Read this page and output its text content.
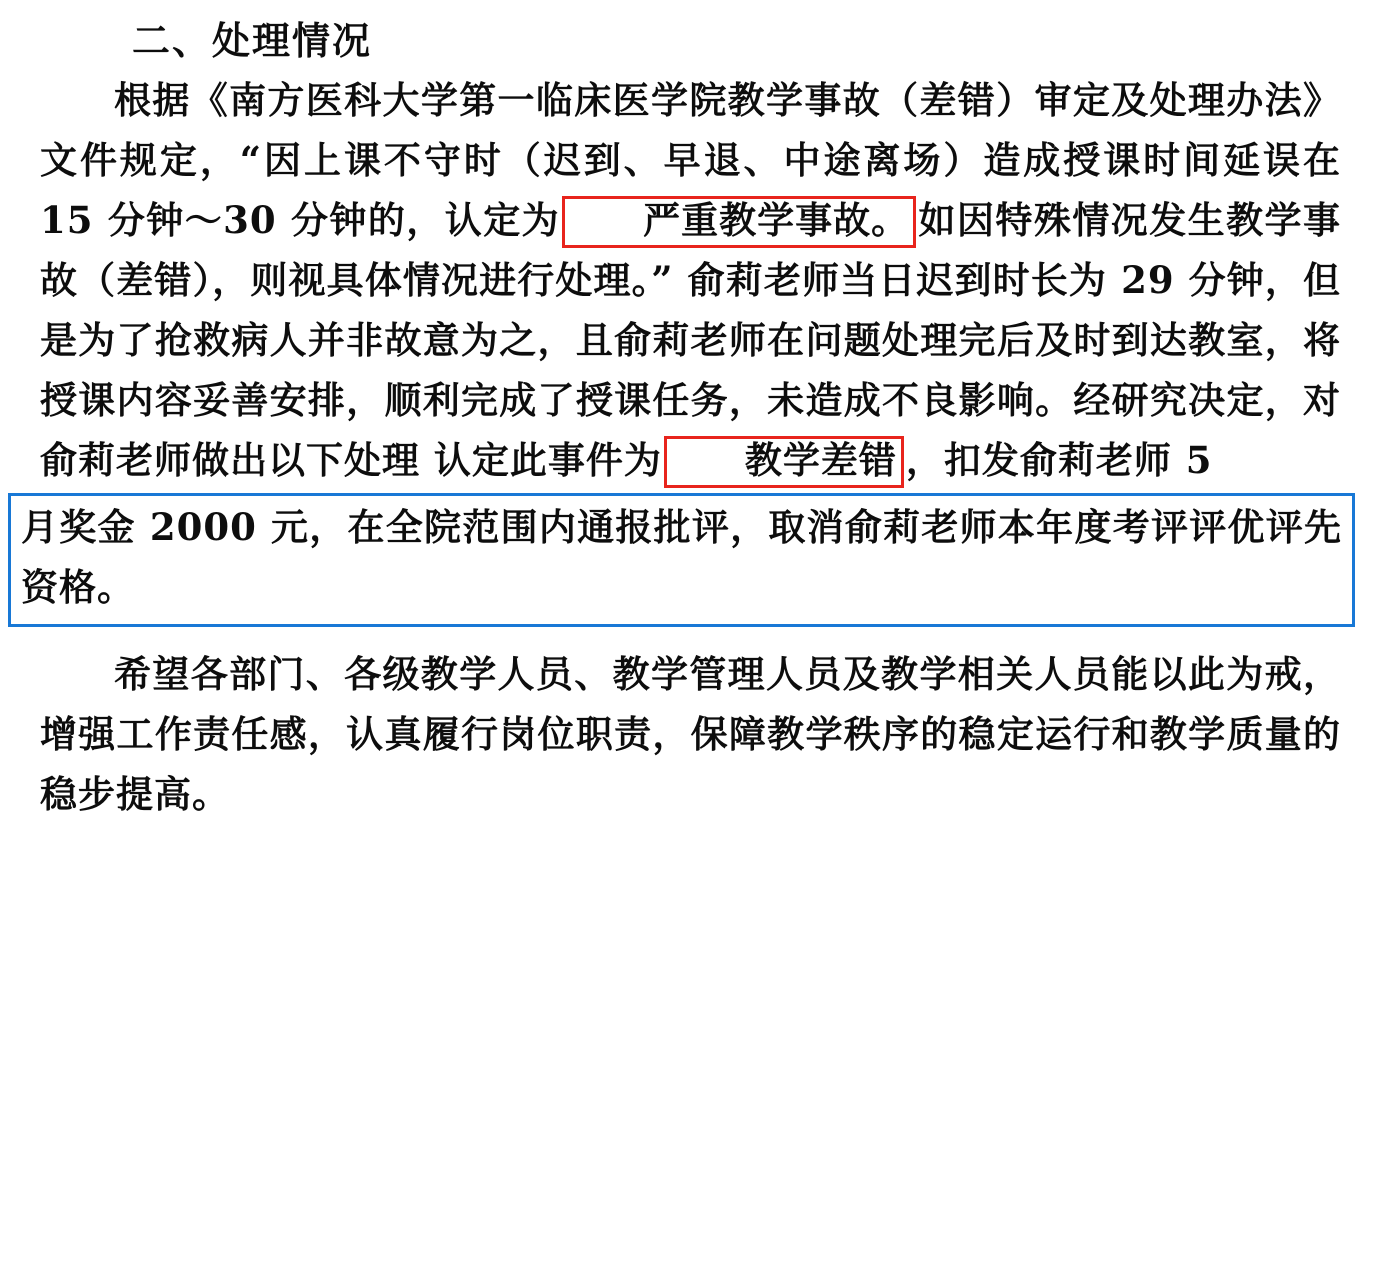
二、处理情况
根据《南方医科大学第一临床医学院教学事故（差错）审定及处理办法》文件规定，“因上课不守时（迟到、早退、中途离场）造成授课时间延误在 15 分钟～30 分钟的，认定为 严重教学事故。 如因特殊情况发生教学事故（差错），则视具体情况进行处理。” 俞莉老师当日迟到时长为 29 分钟，但是为了抢救病人并非故意为之，且俞莉老师在问题处理完后及时到达教室，将授课内容妥善安排，顺利完成了授课任务，未造成不良影响。经研究决定，对俞莉老师做出以下处理 认定此事件为 教学差错 ，扣发俞莉老师 5
月奖金 2000 元，在全院范围内通报批评，取消俞莉老师本年度考评评优评先资格。
希望各部门、各级教学人员、教学管理人员及教学相关人员能以此为戒，增强工作责任感，认真履行岗位职责，保障教学秩序的稳定运行和教学质量的稳步提高。
